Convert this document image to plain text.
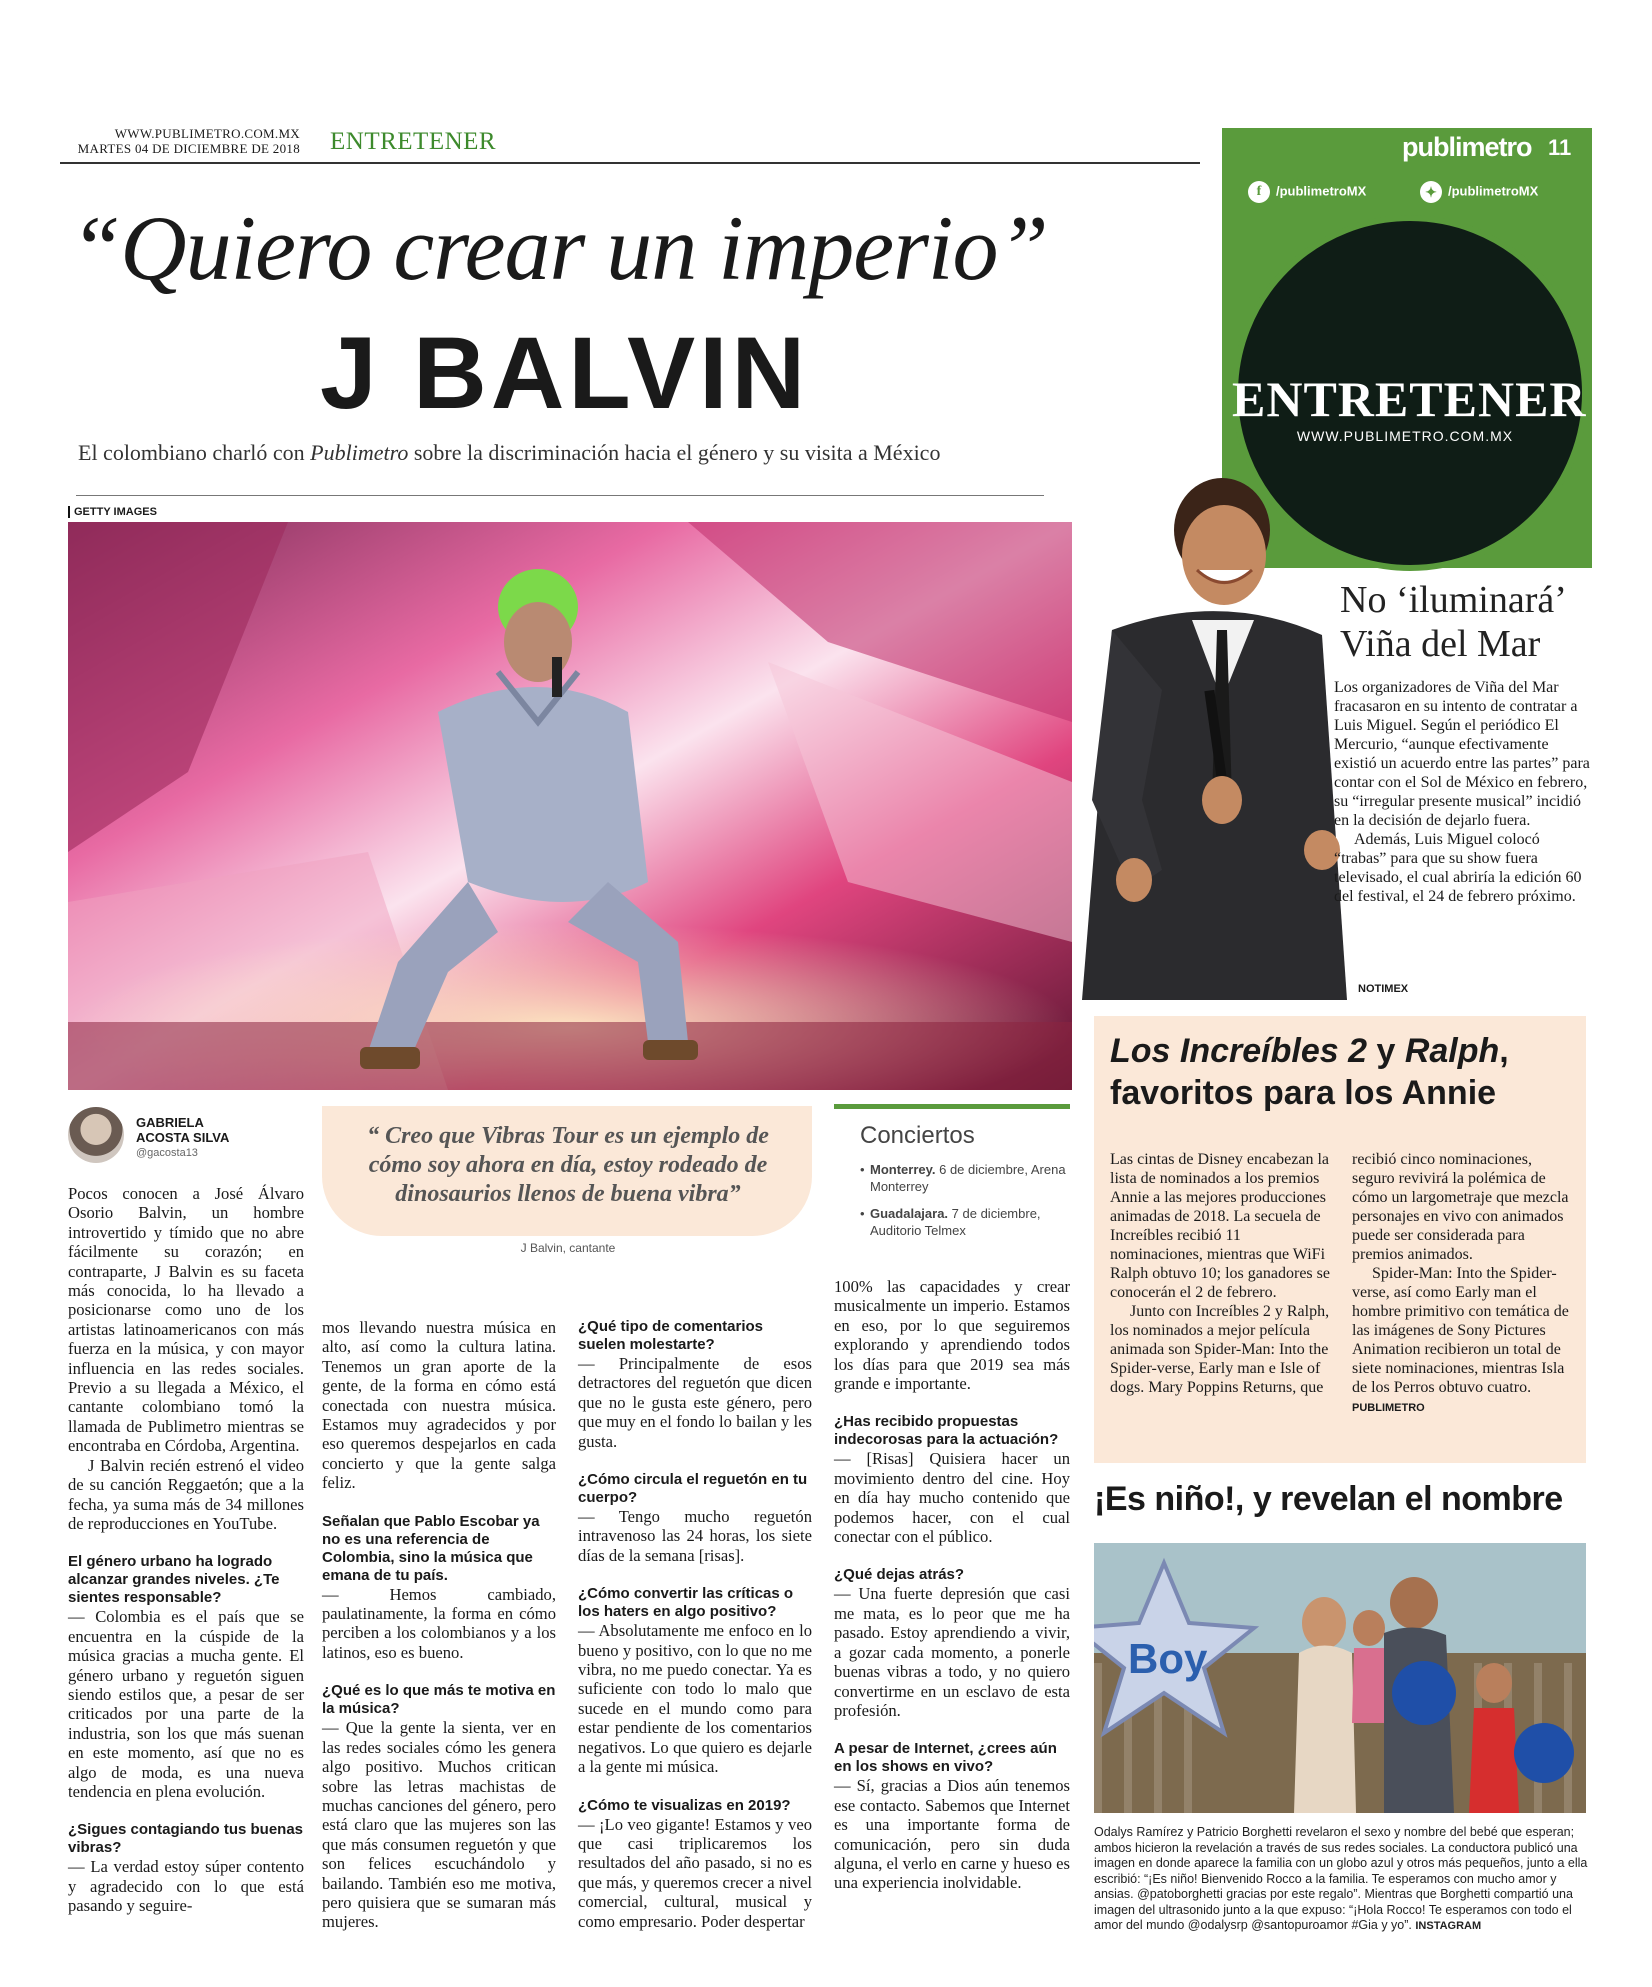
WWW.PUBLIMETRO.COM.MX
MARTES 04 DE DICIEMBRE DE 2018 ENTRETENER
“Quiero crear un imperio”
J BALVIN
El colombiano charló con Publimetro sobre la discriminación hacia el género y su visita a México
GETTY IMAGES
publimetro 11
f /publimetroMX	✦ /publimetroMX
ENTRETENER
WWW.PUBLIMETRO.COM.MX
No ‘iluminará’ Viña del Mar

Los organizadores de Viña del Mar fracasaron en su intento de contratar a Luis Miguel. Según el periódico El Mercurio, “aunque efectivamente existió un acuerdo entre las partes” para contar con el Sol de México en febrero, su “irregular presente musical” incidió en la decisión de dejarlo fuera.

Además, Luis Miguel colocó “trabas” para que su show fuera televisado, el cual abriría la edición 60 del festival, el 24 de febrero próximo.

NOTIMEX
Los Increíbles 2 y Ralph, favoritos para los Annie

Las cintas de Disney encabezan la lista de nominados a los premios Annie a las mejores producciones animadas de 2018. La secuela de Increíbles recibió 11 nominaciones, mientras que WiFi Ralph obtuvo 10; los ganadores se conocerán el 2 de febrero.

Junto con Increíbles 2 y Ralph, los nominados a mejor película animada son Spider-Man: Into the Spider-verse, Early man e Isle of dogs. Mary Poppins Returns, que

recibió cinco nominaciones, seguro revivirá la polémica de cómo un largometraje que mezcla personajes en vivo con animados puede ser considerada para premios animados.

Spider-Man: Into the Spider-verse, así como Early man el hombre primitivo con temática de las imágenes de Sony Pictures Animation recibieron un total de siete nominaciones, mientras Isla de los Perros obtuvo cuatro. PUBLIMETRO

¡Es niño!, y revelan el nombre
Boy
Odalys Ramírez y Patricio Borghetti revelaron el sexo y nombre del bebé que esperan; ambos hicieron la revelación a través de sus redes sociales. La conductora publicó una imagen en donde aparece la familia con un globo azul y otros más pequeños, junto a ella escribió: “¡Es niño! Bienvenido Rocco a la familia. Te esperamos con mucho amor y ansias. @patoborghetti gracias por este regalo”. Mientras que Borghetti compartió una imagen del ultrasonido junto a la que expuso: “¡Hola Rocco! Te esperamos con todo el amor del mundo @odalysrp @santopuroamor #Gia y yo”. INSTAGRAM
GABRIELA
ACOSTA SILVA
@gacosta13
“ Creo que Vibras Tour es un ejemplo de cómo soy ahora en día, estoy rodeado de dinosaurios llenos de buena vibra”
J Balvin, cantante
Conciertos
• Monterrey. 6 de diciembre, Arena Monterrey
• Guadalajara. 7 de diciembre, Auditorio Telmex

Pocos conocen a José Álvaro Osorio Balvin, un hombre introvertido y tímido que no abre fácilmente su corazón; en contraparte, J Balvin es su faceta más conocida, lo ha llevado a posicionarse como uno de los artistas latinoamericanos con más fuerza en la música, y con mayor influencia en las redes sociales. Previo a su llegada a México, el cantante colombiano tomó la llamada de Publimetro mientras se encontraba en Córdoba, Argentina.

J Balvin recién estrenó el video de su canción Reggaetón; que a la fecha, ya suma más de 34 millones de reproducciones en YouTube.

El género urbano ha logrado alcanzar grandes niveles. ¿Te sientes responsable?

— Colombia es el país que se encuentra en la cúspide de la música gracias a mucha gente. El género urbano y reguetón siguen siendo estilos que, a pesar de ser criticados por una parte de la industria, son los que más suenan en este momento, así que no es algo de moda, es una nueva tendencia en plena evolución.

¿Sigues contagiando tus buenas vibras?

— La verdad estoy súper contento y agradecido con lo que está pasando y seguire-

mos llevando nuestra música en alto, así como la cultura latina. Tenemos un gran aporte de la gente, de la forma en cómo está conectada con nuestra música. Estamos muy agradecidos y por eso queremos despejarlos en cada concierto y que la gente salga feliz.

Señalan que Pablo Escobar ya no es una referencia de Colombia, sino la música que emana de tu país.

— Hemos cambiado, paulatinamente, la forma en cómo perciben a los colombianos y a los latinos, eso es bueno.

¿Qué es lo que más te motiva en la música?

— Que la gente la sienta, ver en las redes sociales cómo les genera algo positivo. Muchos critican sobre las letras machistas de muchas canciones del género, pero está claro que las mujeres son las que más consumen reguetón y que son felices escuchándolo y bailando. También eso me motiva, pero quisiera que se sumaran más mujeres.

¿Qué tipo de comentarios suelen molestarte?

— Principalmente de esos detractores del reguetón que dicen que no le gusta este género, pero que muy en el fondo lo bailan y les gusta.

¿Cómo circula el reguetón en tu cuerpo?

— Tengo mucho reguetón intravenoso las 24 horas, los siete días de la semana [risas].

¿Cómo convertir las críticas o los haters en algo positivo?

— Absolutamente me enfoco en lo bueno y positivo, con lo que no me vibra, no me puedo conectar. Ya es suficiente con todo lo malo que sucede en el mundo como para estar pendiente de los comentarios negativos. Lo que quiero es dejarle a la gente mi música.

¿Cómo te visualizas en 2019?

— ¡Lo veo gigante! Estamos y veo que casi triplicaremos los resultados del año pasado, si no es que más, y queremos crecer a nivel comercial, cultural, musical y como empresario. Poder despertar

100% las capacidades y crear musicalmente un imperio. Estamos en eso, por lo que seguiremos explorando y aprendiendo todos los días para que 2019 sea más grande e importante.

¿Has recibido propuestas indecorosas para la actuación?

— [Risas] Quisiera hacer un movimiento dentro del cine. Hoy en día hay mucho contenido que podemos hacer, con el cual conectar con el público.

¿Qué dejas atrás?

— Una fuerte depresión que casi me mata, es lo peor que me ha pasado. Estoy aprendiendo a vivir, a gozar cada momento, a ponerle buenas vibras a todo, y no quiero convertirme en un esclavo de esta profesión.

A pesar de Internet, ¿crees aún en los shows en vivo?

— Sí, gracias a Dios aún tenemos ese contacto. Sabemos que Internet es una importante forma de comunicación, pero sin duda alguna, el verlo en carne y hueso es una experiencia inolvidable.
